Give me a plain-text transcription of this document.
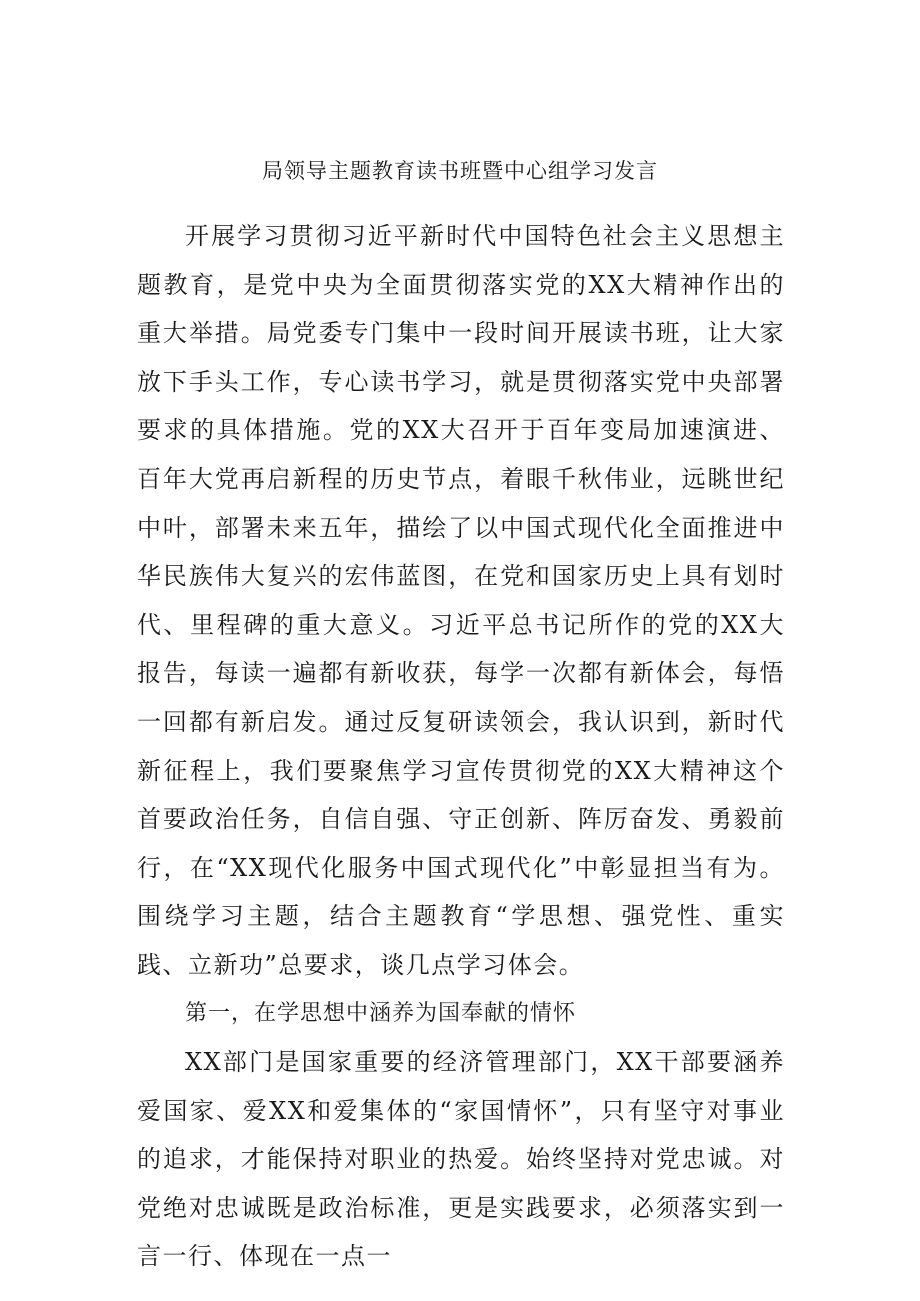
局领导主题教育读书班暨中心组学习发言

开展学习贯彻习近平新时代中国特色社会主义思想主题教育，是党中央为全面贯彻落实党的XX大精神作出的重大举措。局党委专门集中一段时间开展读书班，让大家放下手头工作，专心读书学习，就是贯彻落实党中央部署要求的具体措施。党的XX大召开于百年变局加速演进、百年大党再启新程的历史节点，着眼千秋伟业，远眺世纪中叶，部署未来五年，描绘了以中国式现代化全面推进中华民族伟大复兴的宏伟蓝图，在党和国家历史上具有划时代、里程碑的重大意义。习近平总书记所作的党的XX大报告，每读一遍都有新收获，每学一次都有新体会，每悟一回都有新启发。通过反复研读领会，我认识到，新时代新征程上，我们要聚焦学习宣传贯彻党的XX大精神这个首要政治任务，自信自强、守正创新、阵厉奋发、勇毅前行，在“XX现代化服务中国式现代化”中彰显担当有为。围绕学习主题，结合主题教育“学思想、强党性、重实践、立新功”总要求，谈几点学习体会。

第一，在学思想中涵养为国奉献的情怀

XX部门是国家重要的经济管理部门，XX干部要涵养爱国家、爱XX和爱集体的“家国情怀”，只有坚守对事业的追求，才能保持对职业的热爱。始终坚持对党忠诚。对党绝对忠诚既是政治标准，更是实践要求，必须落实到一言一行、体现在一点一
